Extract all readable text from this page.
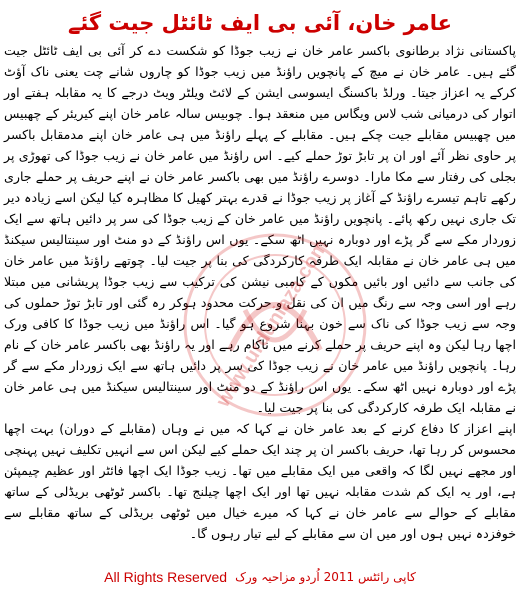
عامر خان، آئی بی ایف ٹائٹل جیت گئے

پاکستانی نژاد برطانوی باکسر عامر خان نے زیب جوڈا کو شکست دے کر آئی بی ایف ٹائٹل جیت گئے ہیں۔ عامر خان نے میچ کے پانچویں راؤنڈ میں زیب جوڈا کو چاروں شانے چت یعنی ناک آؤٹ کرکے یہ اعزاز جیتا۔ ورلڈ باکسنگ ایسوسی ایشن کے لائٹ ویلٹر ویٹ درجے کا یہ مقابلہ ہفتے اور اتوار کی درمیانی شب لاس ویگاس میں منعقد ہوا۔ چوبیس سالہ عامر خان اپنے کیریئر کے چھبیس میں چھبیس مقابلے جیت چکے ہیں۔ مقابلے کے پہلے راؤنڈ میں ہی عامر خان اپنے مدمقابل باکسر پر حاوی نظر آئے اور ان پر تابڑ توڑ حملے کیے۔ اس راؤنڈ میں عامر خان نے زیب جوڈا کی تھوڑی پر بجلی کی رفتار سے مکا مارا۔ دوسرے راؤنڈ میں بھی باکسر عامر خان نے اپنے حریف پر حملے جاری رکھے تاہم تیسرے راؤنڈ کے آغاز پر زیب جوڈا نے قدرے بہتر کھیل کا مظاہرہ کیا لیکن اسے زیادہ دیر تک جاری نہیں رکھ پائے۔ پانچویں راؤنڈ میں عامر خان کے زیب جوڈا کی سر پر دائیں ہاتھ سے ایک زوردار مکے سے گر پڑے اور دوبارہ نہیں اٹھ سکے۔ یوں اس راؤنڈ کے دو منٹ اور سینتالیس سیکنڈ میں ہی عامر خان نے مقابلہ ایک طرفہ کارکردگی کی بنا پر جیت لیا۔ چوتھے راؤنڈ میں عامر خان کی جانب سے دائیں اور بائیں مکوں کے کامبی نیشن کی ترکیب سے زیب جوڈا پریشانی میں مبتلا رہے اور اسی وجہ سے رنگ میں ان کی نقل و حرکت محدود ہوکر رہ گئی اور تابڑ توڑ حملوں کی وجہ سے زیب جوڈا کی ناک سے خون بہنا شروع ہو گیا۔ اس راؤنڈ میں زیب جوڈا کا کافی ورک اچھا رہا لیکن وہ اپنے حریف پر حملے کرنے میں ناکام رہے اور یہ راؤنڈ بھی باکسر عامر خان کے نام رہا۔ پانچویں راؤنڈ میں عامر خان نے زیب جوڈا کی سر پر دائیں ہاتھ سے ایک زوردار مکے سے گر پڑے اور دوبارہ نہیں اٹھ سکے۔ یوں اس راؤنڈ کے دو منٹ اور سینتالیس سیکنڈ میں ہی عامر خان نے مقابلہ ایک طرفہ کارکردگی کی بنا پر جیت لیا۔

اپنے اعزاز کا دفاع کرنے کے بعد عامر خان نے کہا کہ میں نے وہاں (مقابلے کے دوران) بہت اچھا محسوس کر رہا تھا، حریف باکسر ان پر چند ایک حملے کیے لیکن اس سے انہیں تکلیف نہیں پہنچی اور مجھے نہیں لگا کہ واقعی میں ایک مقابلے میں تھا۔ زیب جوڈا ایک اچھا فائٹر اور عظیم چیمپئن ہے، اور یہ ایک کم شدت مقابلہ نہیں تھا اور ایک اچھا چیلنج تھا۔ باکسر ٹوٹھی بریڈلی کے ساتھ مقابلے کے حوالے سے عامر خان نے کہا کہ میرے خیال میں ٹوٹھی بریڈلی کے ساتھ مقابلے سے خوفزدہ نہیں ہوں اور میں ان سے مقابلے کے لیے تیار رہوں گا۔

www.urduniaza.com
All Rights Reserved کاپی رائٹس 2011 اُردو مزاحیہ ورک
